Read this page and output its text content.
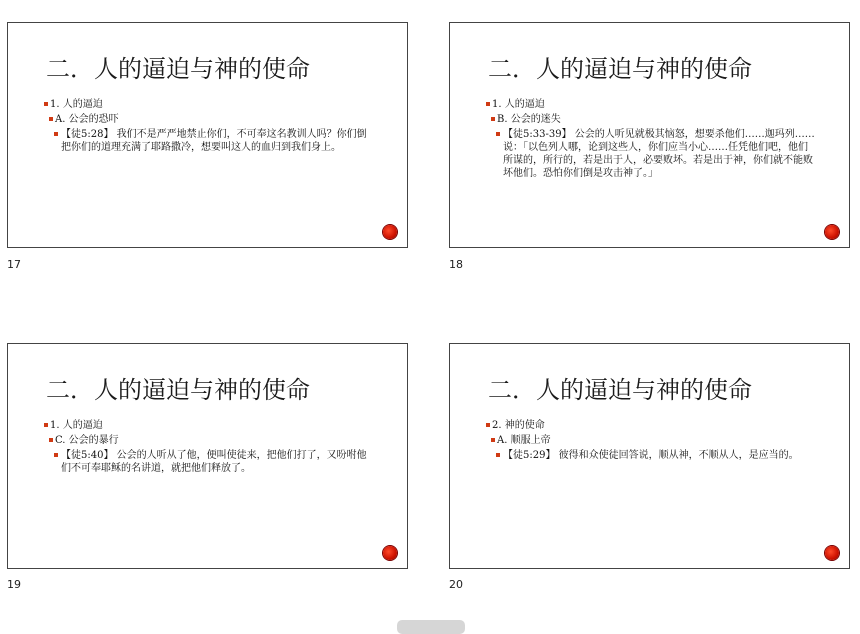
二．人的逼迫与神的使命
1. 人的逼迫
A. 公会的恐吓
【徒5:28】 我们不是严严地禁止你们，不可奉这名教训人吗？你们倒把你们的道理充满了耶路撒冷，想要叫这人的血归到我们身上。
17
二．人的逼迫与神的使命
1. 人的逼迫
B. 公会的迷失
【徒5:33-39】 公会的人听见就极其恼怒，想要杀他们……迦玛列……说：「以色列人哪，论到这些人，你们应当小心……任凭他们吧，他们所谋的，所行的，若是出于人，必要败坏。若是出于神，你们就不能败坏他们。恐怕你们倒是攻击神了。」
18
二．人的逼迫与神的使命
1. 人的逼迫
C. 公会的暴行
【徒5:40】 公会的人听从了他，便叫使徒来，把他们打了，又吩咐他们不可奉耶稣的名讲道，就把他们释放了。
19
二．人的逼迫与神的使命
2. 神的使命
A. 顺服上帝
【徒5:29】 彼得和众使徒回答说，顺从神，不顺从人，是应当的。
20
